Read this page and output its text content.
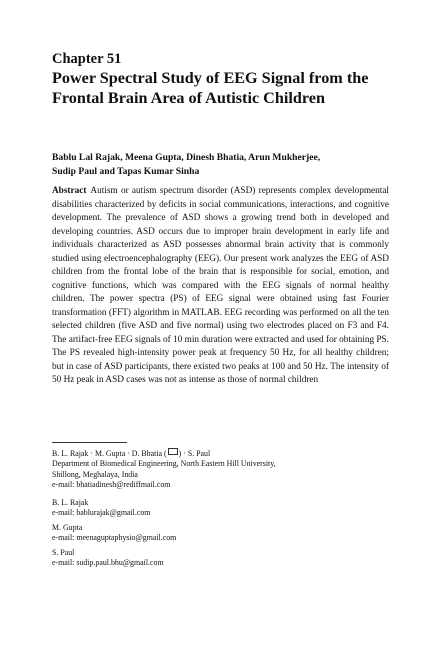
Chapter 51
Power Spectral Study of EEG Signal from the Frontal Brain Area of Autistic Children
Bablu Lal Rajak, Meena Gupta, Dinesh Bhatia, Arun Mukherjee,
Sudip Paul and Tapas Kumar Sinha
Abstract Autism or autism spectrum disorder (ASD) represents complex developmental disabilities characterized by deficits in social communications, interactions, and cognitive development. The prevalence of ASD shows a growing trend both in developed and developing countries. ASD occurs due to improper brain development in early life and individuals characterized as ASD possesses abnormal brain activity that is commonly studied using electroencephalography (EEG). Our present work analyzes the EEG of ASD children from the frontal lobe of the brain that is responsible for social, emotion, and cognitive functions, which was compared with the EEG signals of normal healthy children. The power spectra (PS) of EEG signal were obtained using fast Fourier transformation (FFT) algorithm in MATLAB. EEG recording was performed on all the ten selected children (five ASD and five normal) using two electrodes placed on F3 and F4. The artifact-free EEG signals of 10 min duration were extracted and used for obtaining PS. The PS revealed high-intensity power peak at frequency 50 Hz, for all healthy children; but in case of ASD participants, there existed two peaks at 100 and 50 Hz. The intensity of 50 Hz peak in ASD cases was not as intense as those of normal children
B. L. Rajak · M. Gupta · D. Bhatia ( ) · S. Paul
Department of Biomedical Engineering, North Eastern Hill University,
Shillong, Meghalaya, India
e-mail: bhatiadinesh@rediffmail.com
B. L. Rajak
e-mail: bablurajak@gmail.com
M. Gupta
e-mail: meenaguptaphysio@gmail.com
S. Paul
e-mail: sudip.paul.bhu@gmail.com
